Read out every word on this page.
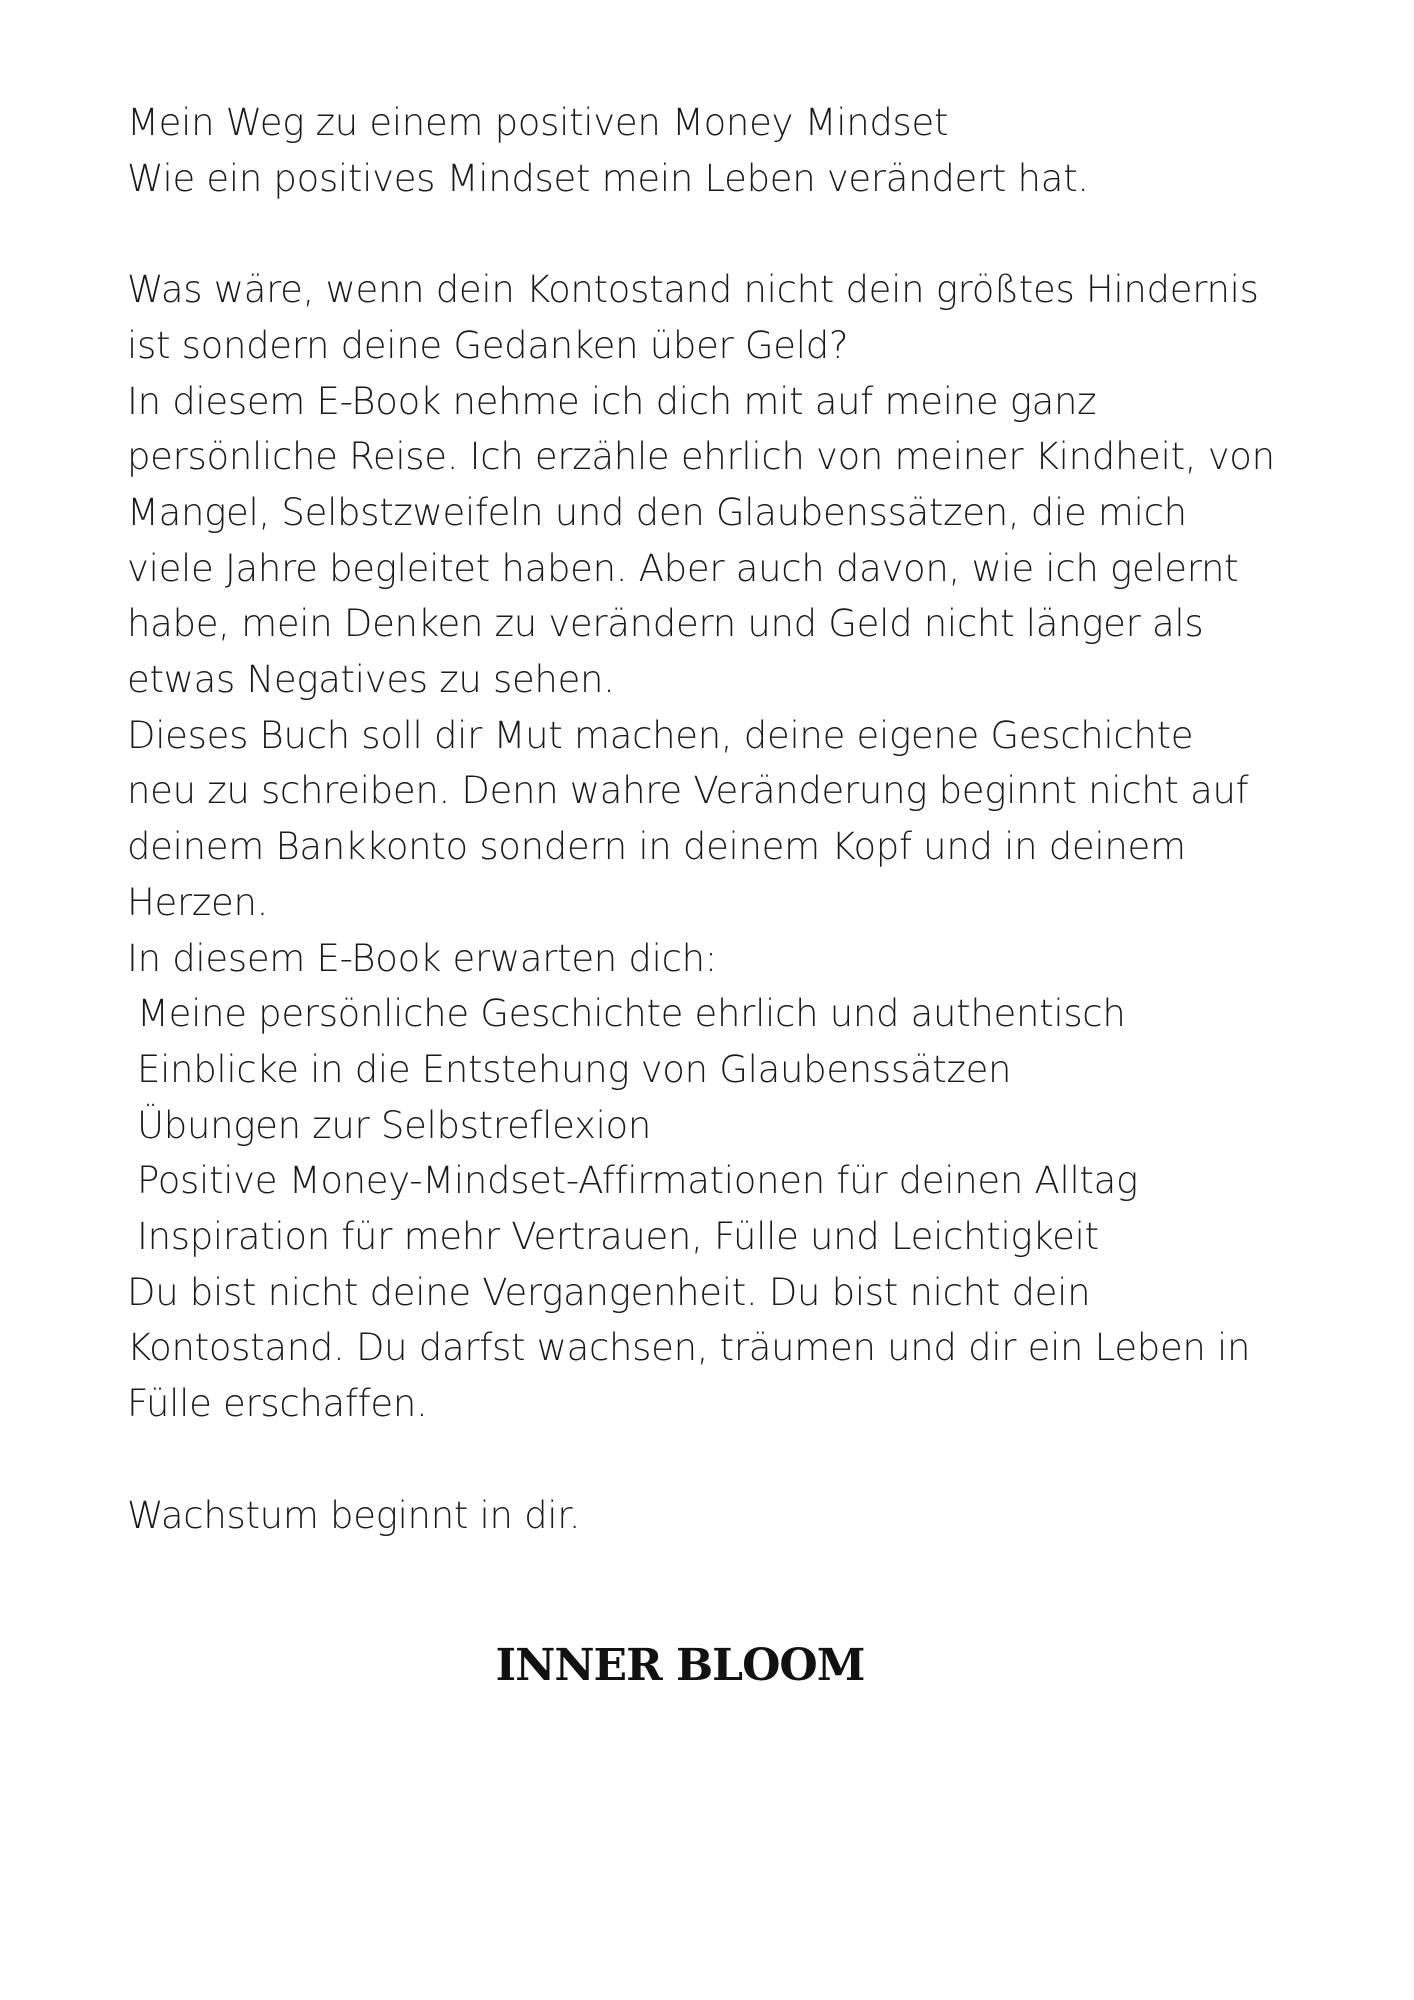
Mein Weg zu einem positiven Money Mindset
Wie ein positives Mindset mein Leben verändert hat.
Was wäre, wenn dein Kontostand nicht dein größtes Hindernis
ist sondern deine Gedanken über Geld?
In diesem E-Book nehme ich dich mit auf meine ganz
persönliche Reise. Ich erzähle ehrlich von meiner Kindheit, von
Mangel, Selbstzweifeln und den Glaubenssätzen, die mich
viele Jahre begleitet haben. Aber auch davon, wie ich gelernt
habe, mein Denken zu verändern und Geld nicht länger als
etwas Negatives zu sehen.
Dieses Buch soll dir Mut machen, deine eigene Geschichte
neu zu schreiben. Denn wahre Veränderung beginnt nicht auf
deinem Bankkonto sondern in deinem Kopf und in deinem
Herzen.
In diesem E-Book erwarten dich:
Meine persönliche Geschichte ehrlich und authentisch
Einblicke in die Entstehung von Glaubenssätzen
Übungen zur Selbstreflexion
Positive Money-Mindset-Affirmationen für deinen Alltag
Inspiration für mehr Vertrauen, Fülle und Leichtigkeit
Du bist nicht deine Vergangenheit. Du bist nicht dein
Kontostand. Du darfst wachsen, träumen und dir ein Leben in
Fülle erschaffen.
Wachstum beginnt in dir.
INNER BLOOM
